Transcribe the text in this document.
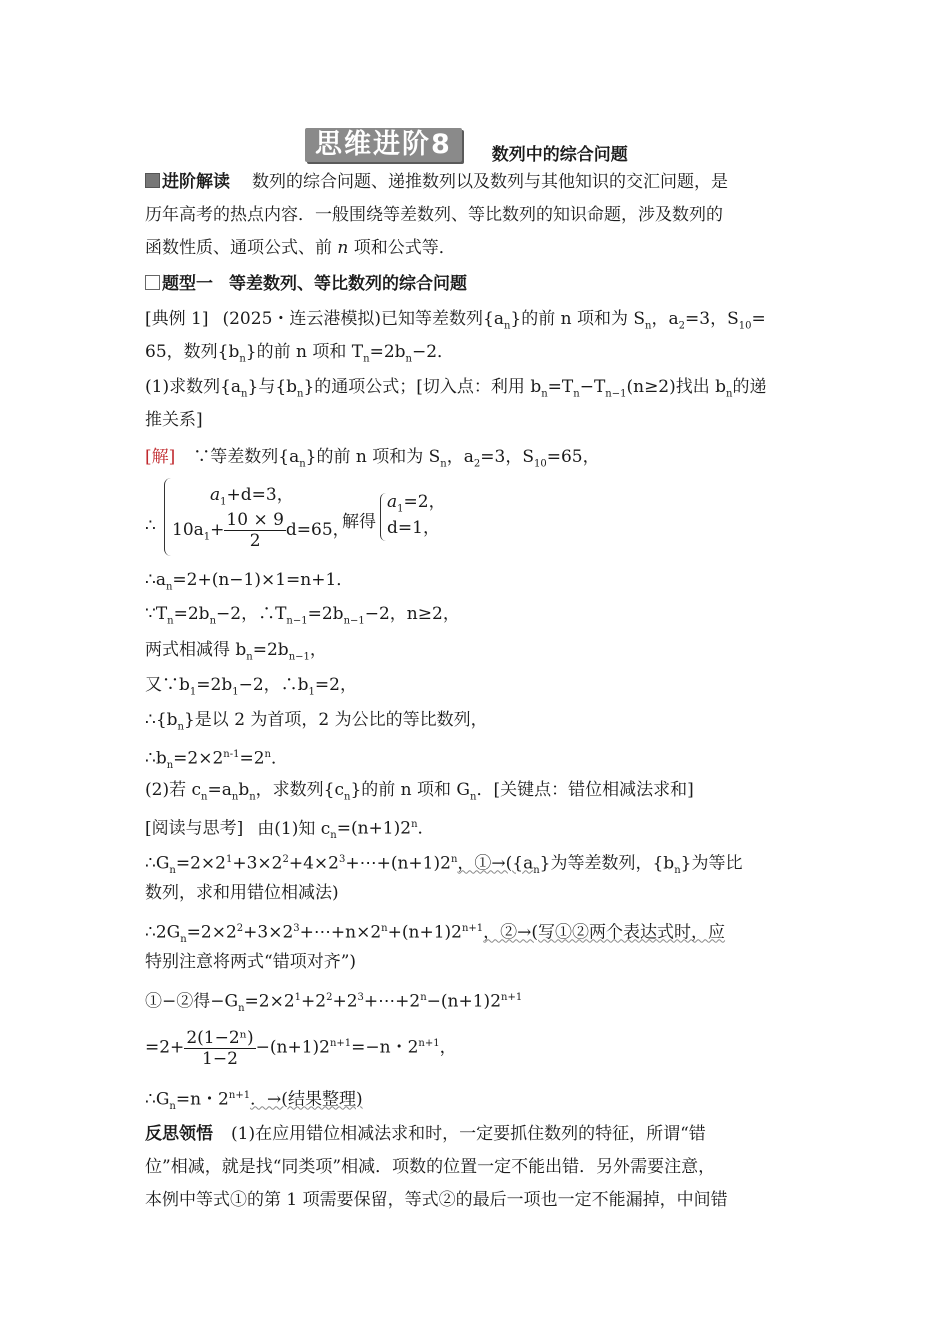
思维进阶8	数列中的综合问题
进阶解读 数列的综合问题、递推数列以及数列与其他知识的交汇问题，是
历年高考的热点内容．一般围绕等差数列、等比数列的知识命题，涉及数列的
函数性质、通项公式、前 n 项和公式等．
题型一 等差数列、等比数列的综合问题
[典例 1] (2025・连云港模拟)已知等差数列$\{a_n\}$的前 n 项和为 $S_n$，$a_2=3$，$S_{10}=$
65，数列$\{b_n\}$的前 n 项和 $T_n=2b_n-2$．
(1)求数列$\{a_n\}$与$\{b_n\}$的通项公式；[切入点：利用 $b_n=T_n-T_{n-1}(n\ge 2)$找出 $b_n$的递
推关系]
[解] ∵等差数列$\{a_n\}$的前 n 项和为 $S_n$，$a_2=3$，$S_{10}=65$，
∴
$a_1+d=3$，
$10a_1+ \frac{10 \times 9}{2} d=65$，
解得
$a_1=2$，
d=1，
$\therefore a_n=2+(n-1)\times 1=n+1$．
$\because T_n=2b_n-2$，$\therefore T_{n-1}=2b_{n-1}-2$，n≥2，
两式相减得 $b_n=2b_{n-1}$，
又$\because b_1=2b_1-2$，$\therefore b_1=2$，
$\therefore\{b_n\}$是以 2 为首项，2 为公比的等比数列，
$\therefore b_n=2\times 2^{n-1}=2^n$．
(2)若 $c_n=a_nb_n$，求数列$\{c_n\}$的前 n 项和 $G_n$．[关键点：错位相减法求和]
[阅读与思考] 由(1)知 $c_n=(n+1)2^n$．
$\therefore G_n=2\times 2^1+3\times 2^2+4\times 2^3+\cdots+(n+1)2^n$，$①\to(\{a_n\}$为等差数列，$\{b_n\}$为等比
数列，求和用错位相减法)
$\therefore 2G_n=2\times 2^2+3\times 2^3+\cdots+n\times 2^n+(n+1)2^{n+1}$，②→(写①②两个表达式时，应
特别注意将两式“错项对齐”)
①−②得$-G_n=2\times 2^1+2^2+2^3+\cdots+2^n-(n+1)2^{n+1}$
$=2+ \frac{\text{2(1−2ⁿ)}}{1-2} -(n+1)2^{n+1}=-n$・$2^{n+1}$，
$\therefore G_n=n$・$2^{n+1}$．→(结果整理)
反思领悟 (1)在应用错位相减法求和时，一定要抓住数列的特征，所谓“错
位”相减，就是找“同类项”相减．项数的位置一定不能出错．另外需要注意，
本例中等式①的第 1 项需要保留，等式②的最后一项也一定不能漏掉，中间错
